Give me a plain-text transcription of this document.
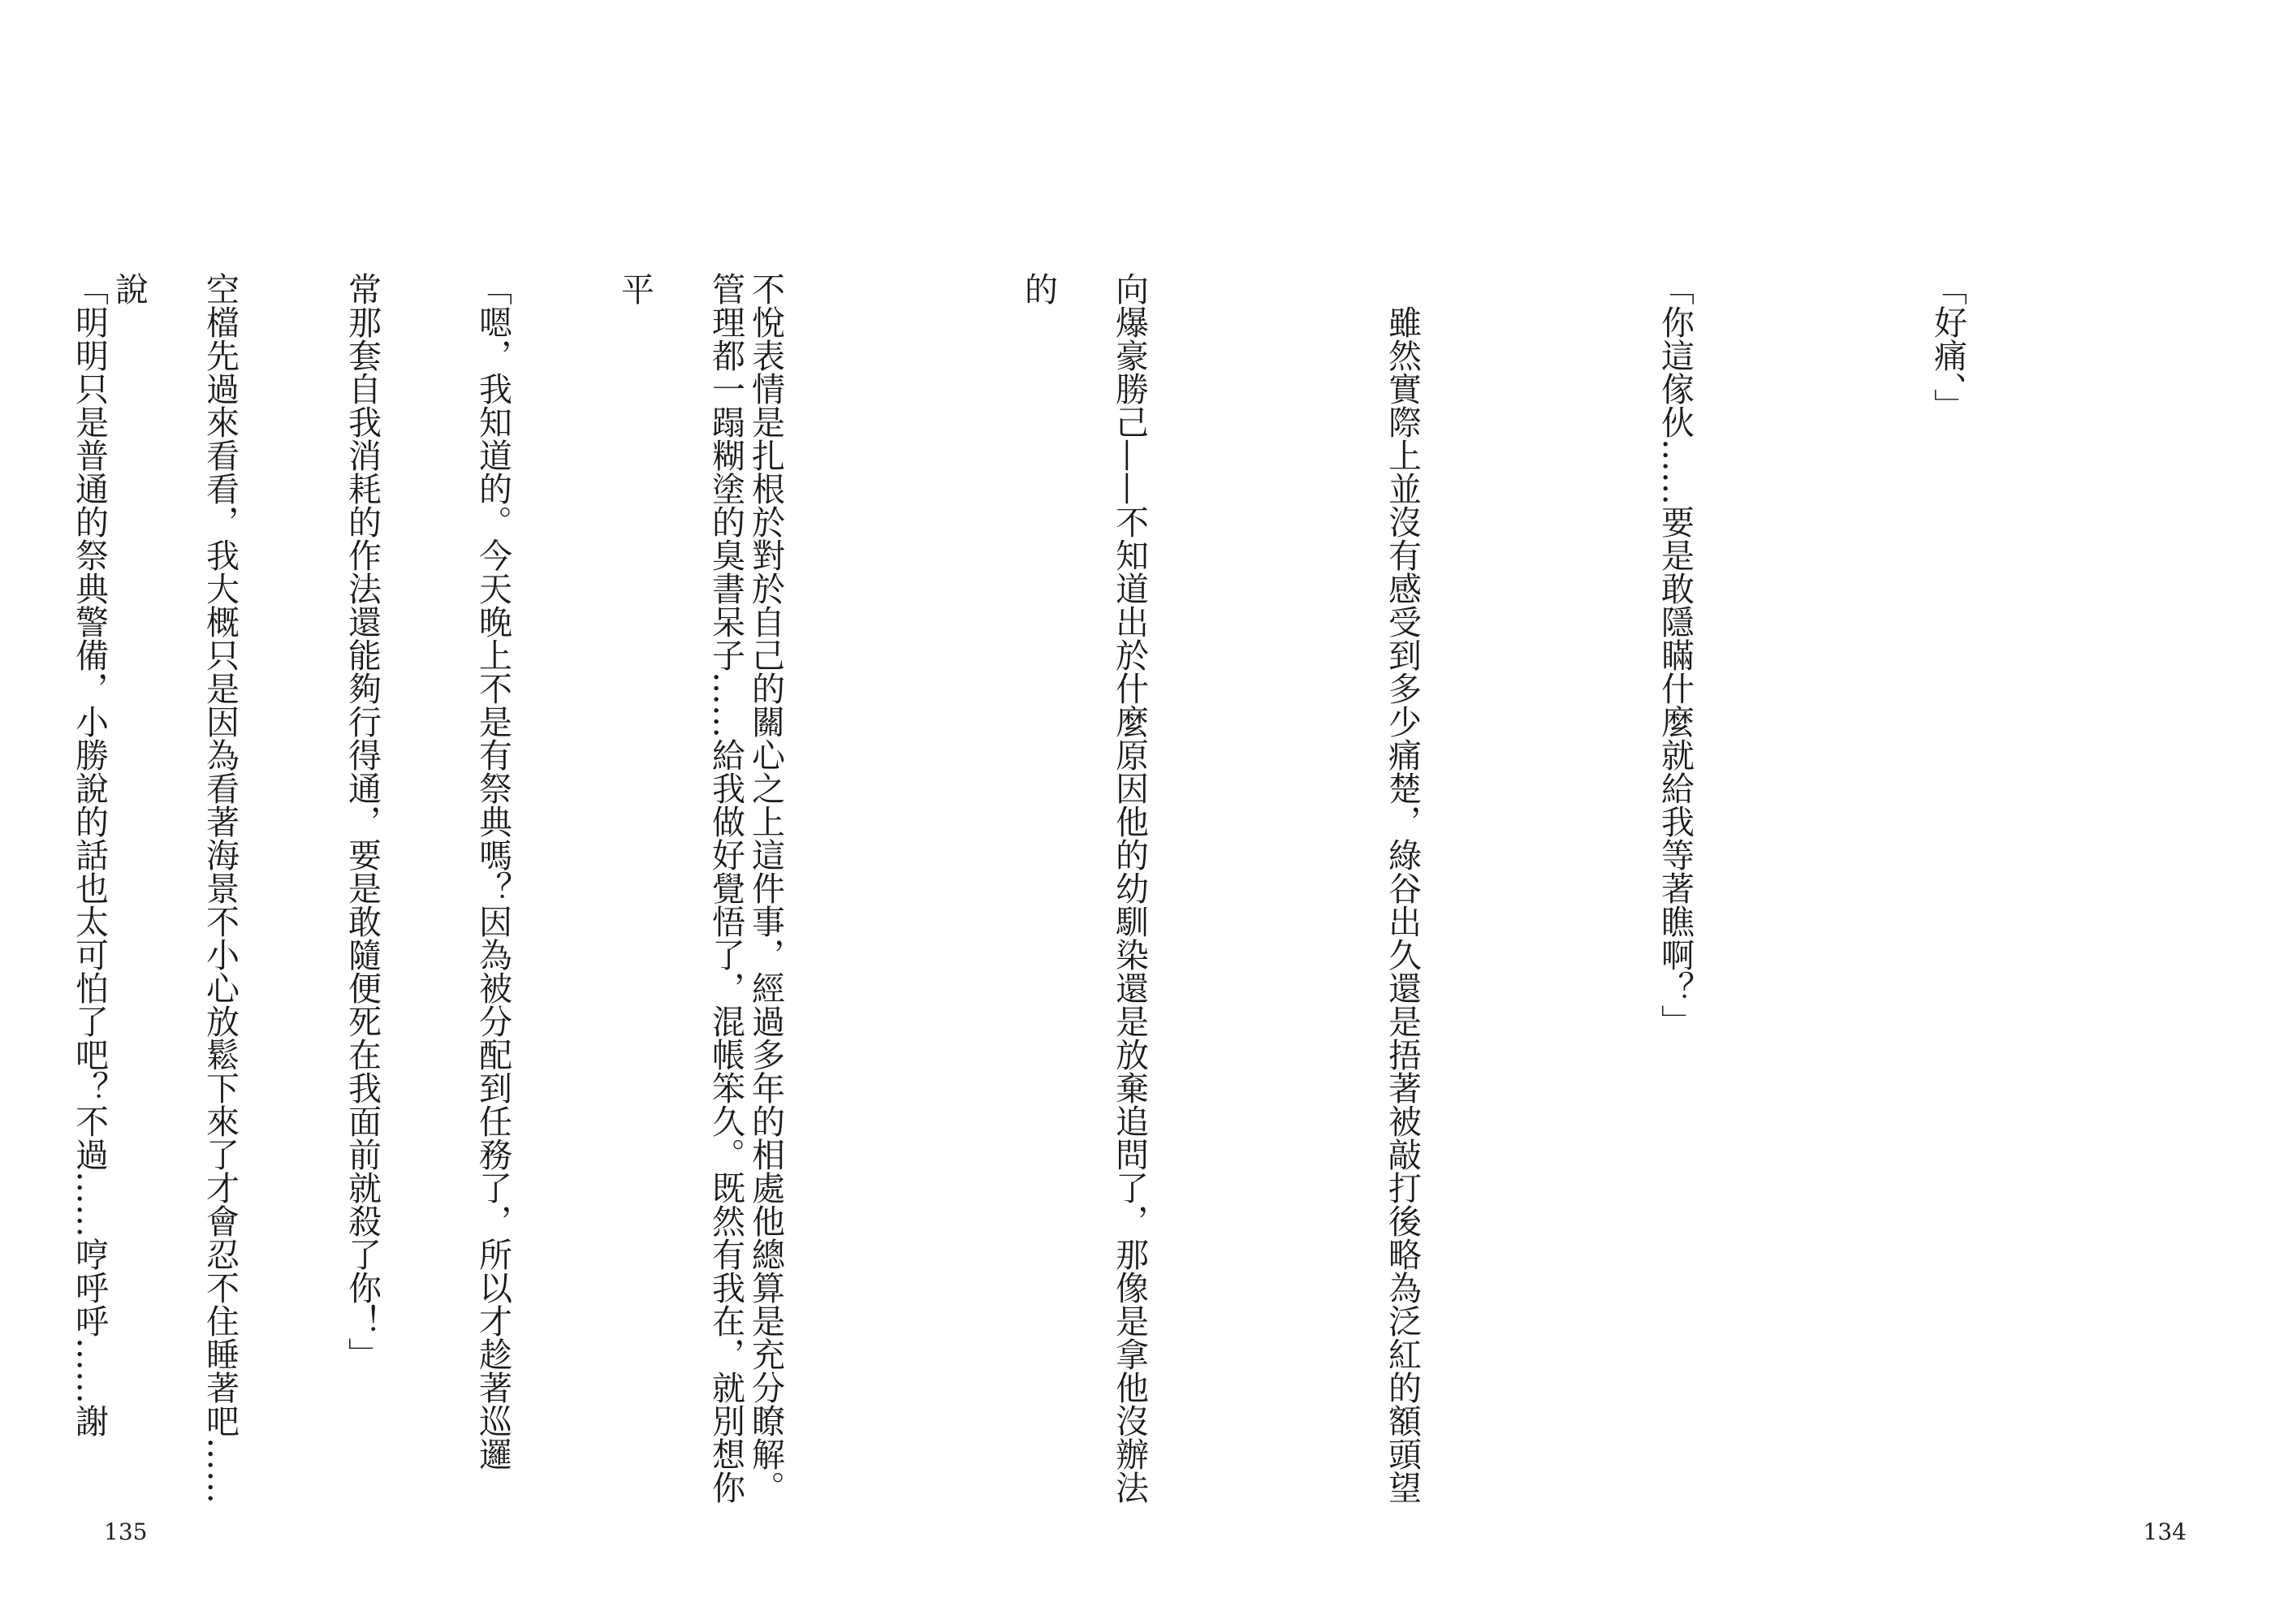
管理都一蹋糊塗的臭書呆子……給我做好覺悟了，混帳笨久。既然有我在，就別想你平

常那套自我消耗的作法還能夠行得通，要是敢隨便死在我面前就殺了你！」

「明明只是普通的祭典警備，小勝說的話也太可怕了吧？不過……哼呼呼……謝

135

「好痛、」

「你這傢伙……要是敢隱瞞什麼就給我等著瞧啊？」

　雖然實際上並沒有感受到多少痛楚，綠谷出久還是捂著被敲打後略為泛紅的額頭望

向爆豪勝己——不知道出於什麼原因他的幼馴染還是放棄追問了，那像是拿他沒辦法的

不悅表情是扎根於對於自己的關心之上這件事，經過多年的相處他總算是充分瞭解。

「嗯，我知道的。今天晚上不是有祭典嗎？因為被分配到任務了，所以才趁著巡邏

空檔先過來看看，我大概只是因為看著海景不小心放鬆下來了才會忍不住睡著吧……說

134
